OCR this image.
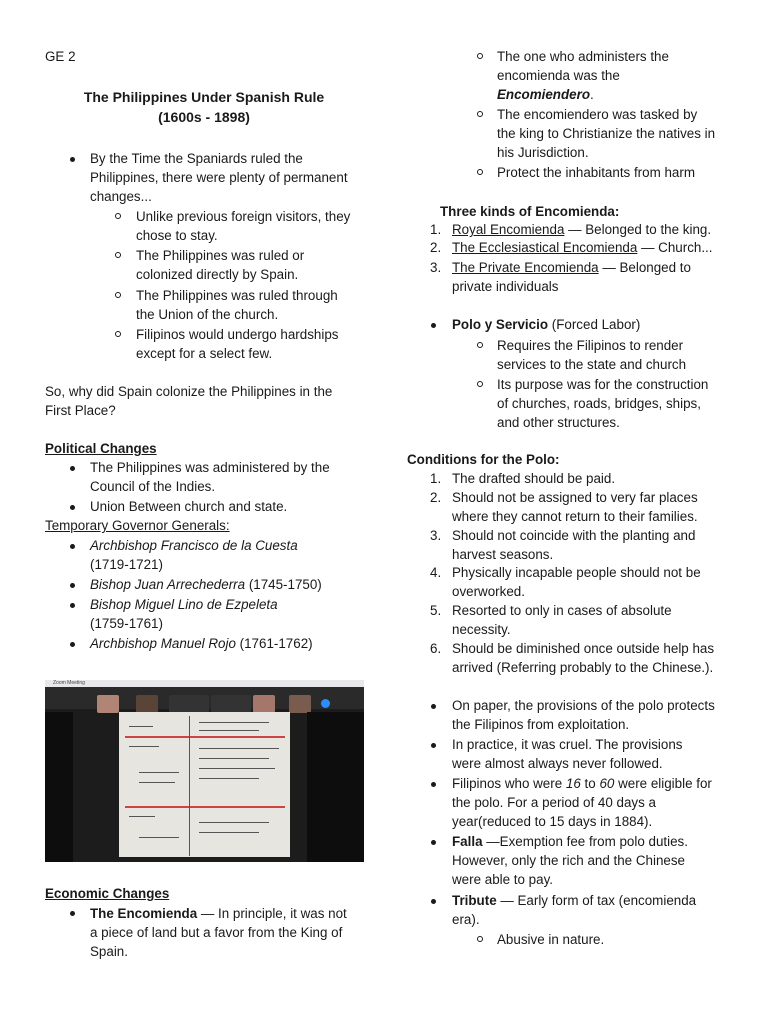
GE 2
The Philippines Under Spanish Rule
(1600s - 1898)
By the Time the Spaniards ruled the
Philippines, there were plenty of permanent
changes...
Unlike previous foreign visitors, they
chose to stay.
The Philippines was ruled or
colonized directly by Spain.
The Philippines was ruled through
the Union of the church.
Filipinos would undergo hardships
except for a select few.
So, why did Spain colonize the Philippines in the
First Place?
Political Changes
The Philippines was administered by the
Council of the Indies.
Union Between church and state.
Temporary Governor Generals:
Archbishop Francisco de la Cuesta
(1719-1721)
Bishop Juan Arrechederra (1745-1750)
Bishop Miguel Lino de Ezpeleta
(1759-1761)
Archbishop Manuel Rojo (1761-1762)
Zoom Meeting
Economic Changes
The Encomienda — In principle, it was not
a piece of land but a favor from the King of
Spain.
The one who administers the
encomienda was the
Encomiendero.
The encomiendero was tasked by
the king to Christianize the natives in
his Jurisdiction.
Protect the inhabitants from harm
Three kinds of Encomienda:
1. Royal Encomienda — Belonged to the king.
2. The Ecclesiastical Encomienda — Church...
3. The Private Encomienda — Belonged to
private individuals
Polo y Servicio (Forced Labor)
Requires the Filipinos to render
services to the state and church
Its purpose was for the construction
of churches, roads, bridges, ships,
and other structures.
Conditions for the Polo:
1. The drafted should be paid.
2. Should not be assigned to very far places
where they cannot return to their families.
3. Should not coincide with the planting and
harvest seasons.
4. Physically incapable people should not be
overworked.
5. Resorted to only in cases of absolute
necessity.
6. Should be diminished once outside help has
arrived (Referring probably to the Chinese.).
On paper, the provisions of the polo protects
the Filipinos from exploitation.
In practice, it was cruel. The provisions
were almost always never followed.
Filipinos who were 16 to 60 were eligible for
the polo. For a period of 40 days a
year(reduced to 15 days in 1884).
Falla —Exemption fee from polo duties.
However, only the rich and the Chinese
were able to pay.
Tribute — Early form of tax (encomienda
era).
Abusive in nature.
